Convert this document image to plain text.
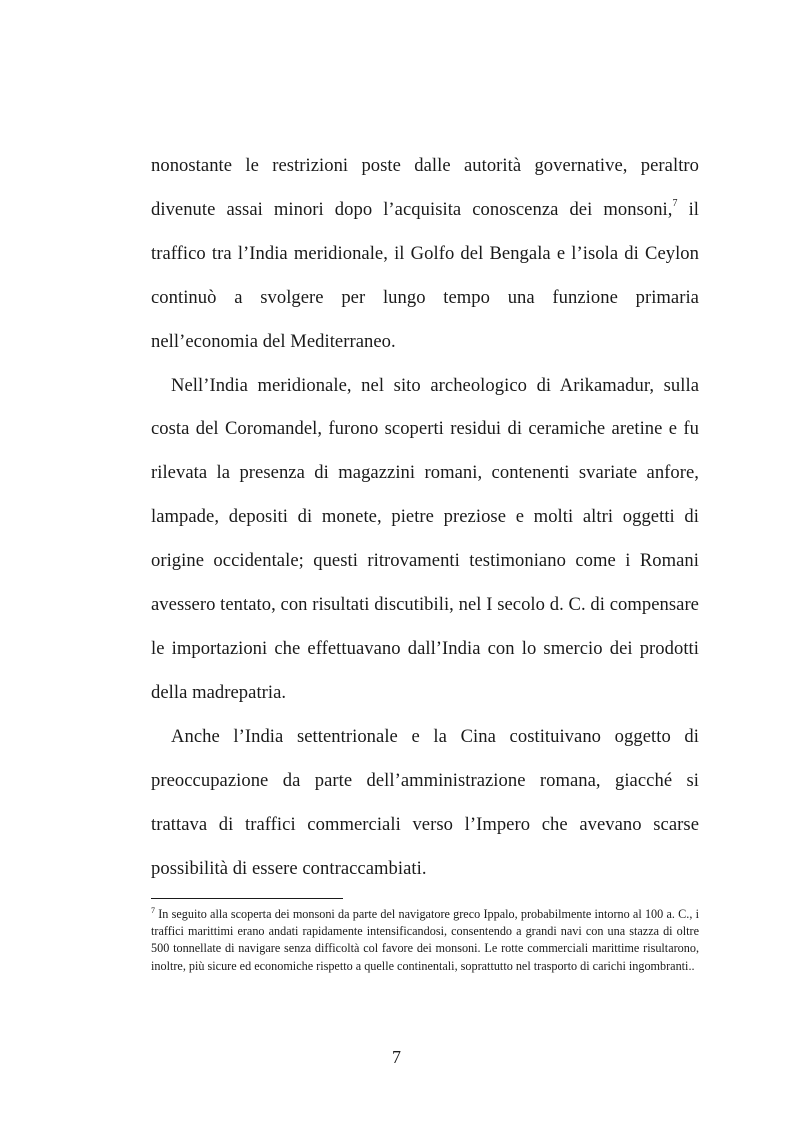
nonostante le restrizioni poste dalle autorità governative, peraltro divenute assai minori dopo l’acquisita conoscenza dei monsoni,$^7$ il traffico tra l’India meridionale, il Golfo del Bengala e l’isola di Ceylon continuò a svolgere per lungo tempo una funzione primaria nell’economia del Mediterraneo.

Nell’India meridionale, nel sito archeologico di Arikamadur, sulla costa del Coromandel, furono scoperti residui di ceramiche aretine e fu rilevata la presenza di magazzini romani, contenenti svariate anfore, lampade, depositi di monete, pietre preziose e molti altri oggetti di origine occidentale; questi ritrovamenti testimoniano come i Romani avessero tentato, con risultati discutibili, nel I secolo d. C. di compensare le importazioni che effettuavano dall’India con lo smercio dei prodotti della madrepatria.

Anche l’India settentrionale e la Cina costituivano oggetto di preoccupazione da parte dell’amministrazione romana, giacché si trattava di traffici commerciali verso l’Impero che avevano scarse possibilità di essere contraccambiati.

$^7$ In seguito alla scoperta dei monsoni da parte del navigatore greco Ippalo, probabilmente intorno al 100 a. C., i traffici marittimi erano andati rapidamente intensificandosi, consentendo a grandi navi con una stazza di oltre 500 tonnellate di navigare senza difficoltà col favore dei monsoni. Le rotte commerciali marittime risultarono, inoltre, più sicure ed economiche rispetto a quelle continentali, soprattutto nel trasporto di carichi ingombranti..

7
